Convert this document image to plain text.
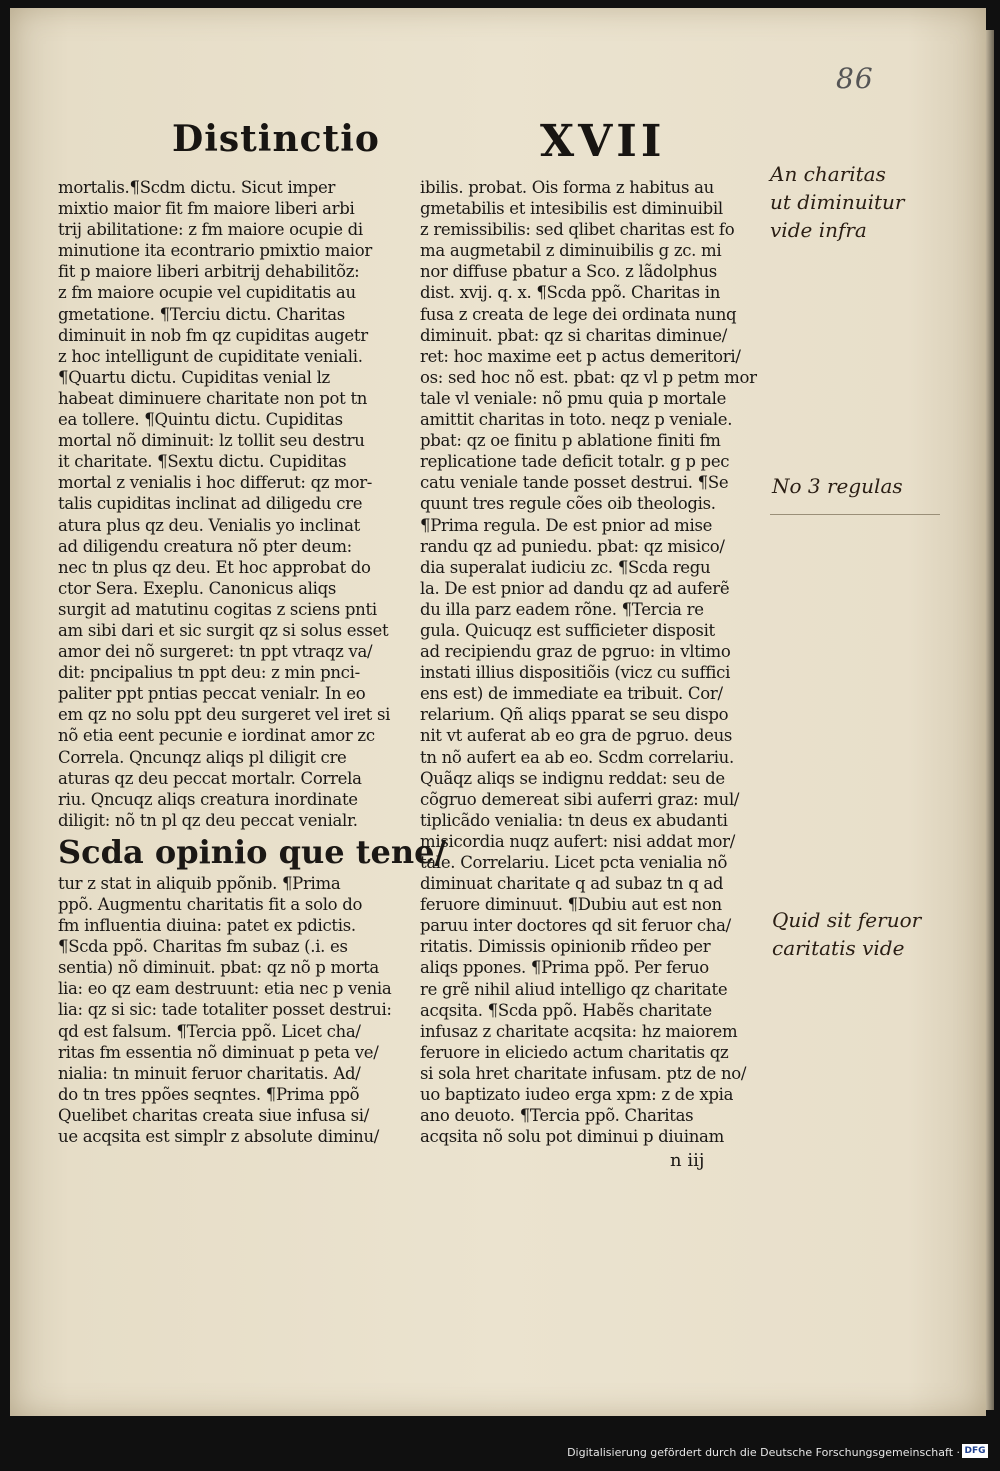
86
Distinctio	XVII
mortalis.¶Scdm dictu. Sicut imper
mixtio maior fit fm maiore liberi arbi
trij abilitatione: z fm maiore ocupie di
minutione ita econtrario pmixtio maior
fit p maiore liberi arbitrij dehabilitõz:
z fm maiore ocupie vel cupiditatis au
gmetatione. ¶Terciu dictu. Charitas
diminuit in nob fm qz cupiditas augetr
z hoc intelligunt de cupiditate veniali.
¶Quartu dictu. Cupiditas venial lz
habeat diminuere charitate non pot tn
ea tollere. ¶Quintu dictu. Cupiditas
mortal nõ diminuit: lz tollit seu destru
it charitate. ¶Sextu dictu. Cupiditas
mortal z venialis i hoc differut: qz mor-
talis cupiditas inclinat ad diligedu cre
atura plus qz deu. Venialis yo inclinat
ad diligendu creatura nõ pter deum:
nec tn plus qz deu. Et hoc approbat do
ctor Sera. Exeplu. Canonicus aliqs
surgit ad matutinu cogitas z sciens pnti
am sibi dari et sic surgit qz si solus esset
amor dei nõ surgeret: tn ppt vtraqz va/
dit: pncipalius tn ppt deu: z min pnci-
paliter ppt pntias peccat venialr. In eo
em qz no solu ppt deu surgeret vel iret si
nõ etia eent pecunie e iordinat amor zc
Correla. Qncunqz aliqs pl diligit cre
aturas qz deu peccat mortalr. Correla
riu. Qncuqz aliqs creatura inordinate
diligit: nõ tn pl qz deu peccat venialr.
Scda opinio que tene/
tur z stat in aliquib ppõnib. ¶Prima
ppõ. Augmentu charitatis fit a solo do
fm influentia diuina: patet ex pdictis.
¶Scda ppõ. Charitas fm subaz (.i. es
sentia) nõ diminuit. pbat: qz nõ p morta
lia: eo qz eam destruunt: etia nec p venia
lia: qz si sic: tade totaliter posset destrui:
qd est falsum. ¶Tercia ppõ. Licet cha/
ritas fm essentia nõ diminuat p peta ve/
nialia: tn minuit feruor charitatis. Ad/
do tn tres ppões seqntes. ¶Prima ppõ
Quelibet charitas creata siue infusa si/
ue acqsita est simplr z absolute diminu/
ibilis. probat. Ois forma z habitus au
gmetabilis et intesibilis est diminuibil
z remissibilis: sed qlibet charitas est fo
ma augmetabil z diminuibilis g zc. mi
nor diffuse pbatur a Sco. z lãdolphus
dist. xvij. q. x. ¶Scda ppõ. Charitas in
fusa z creata de lege dei ordinata nunq
diminuit. pbat: qz si charitas diminue/
ret: hoc maxime eet p actus demeritori/
os: sed hoc nõ est. pbat: qz vl p petm mor
tale vl veniale: nõ pmu quia p mortale
amittit charitas in toto. neqz p veniale.
pbat: qz oe finitu p ablatione finiti fm
replicatione tade deficit totalr. g p pec
catu veniale tande posset destrui. ¶Se
quunt tres regule cões oib theologis.
¶Prima regula. De est pnior ad mise
randu qz ad puniedu. pbat: qz misico/
dia superalat iudiciu zc. ¶Scda regu
la. De est pnior ad dandu qz ad auferẽ
du illa parz eadem rõne. ¶Tercia re
gula. Quicuqz est sufficieter disposit
ad recipiendu graz de pgruo: in vltimo
instati illius dispositiõis (vicz cu suffici
ens est) de immediate ea tribuit. Cor/
relarium. Qñ aliqs pparat se seu dispo
nit vt auferat ab eo gra de pgruo. deus
tn nõ aufert ea ab eo. Scdm correlariu.
Quãqz aliqs se indignu reddat: seu de
cõgruo demereat sibi auferri graz: mul/
tiplicãdo venialia: tn deus ex abudanti
misicordia nuqz aufert: nisi addat mor/
tale. Correlariu. Licet pcta venialia nõ
diminuat charitate q ad subaz tn q ad
feruore diminuut. ¶Dubiu aut est non
paruu inter doctores qd sit feruor cha/
ritatis. Dimissis opinionib rñdeo per
aliqs ppones. ¶Prima ppõ. Per feruo
re grẽ nihil aliud intelligo qz charitate
acqsita. ¶Scda ppõ. Habẽs charitate
infusaz z charitate acqsita: hz maiorem
feruore in eliciedo actum charitatis qz
si sola hret charitate infusam. ptz de no/
uo baptizato iudeo erga xpm: z de xpia
ano deuoto. ¶Tercia ppõ. Charitas
acqsita nõ solu pot diminui p diuinam
n iij
An charitas
ut diminuitur
vide infra
No 3 regulas
Quid sit feruor
caritatis vide
Digitalisierung gefördert durch die Deutsche Forschungsgemeinschaft · DFG
